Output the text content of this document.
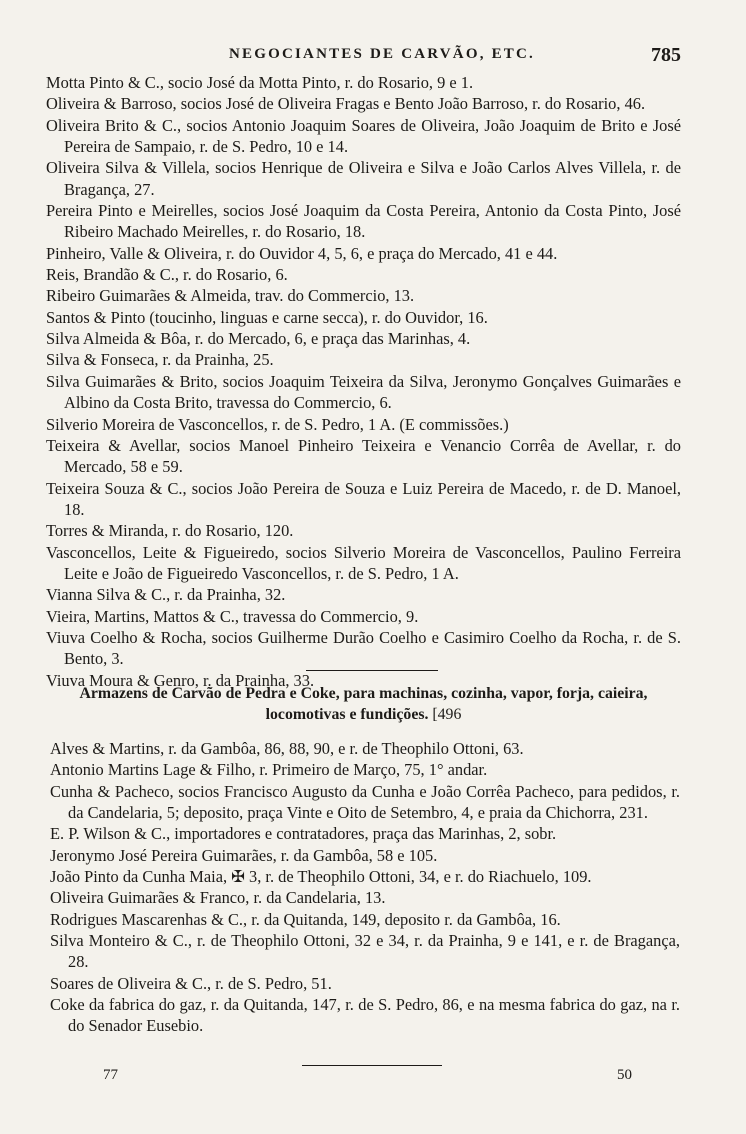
NEGOCIANTES DE CARVÃO, ETC.	785
Motta Pinto & C., socio José da Motta Pinto, r. do Rosario, 9 e 1.
Oliveira & Barroso, socios José de Oliveira Fragas e Bento João Barroso, r. do Rosario, 46.
Oliveira Brito & C., socios Antonio Joaquim Soares de Oliveira, João Joaquim de Brito e José Pereira de Sampaio, r. de S. Pedro, 10 e 14.
Oliveira Silva & Villela, socios Henrique de Oliveira e Silva e João Carlos Alves Villela, r. de Bragança, 27.
Pereira Pinto e Meirelles, socios José Joaquim da Costa Pereira, Antonio da Costa Pinto, José Ribeiro Machado Meirelles, r. do Rosario, 18.
Pinheiro, Valle & Oliveira, r. do Ouvidor 4, 5, 6, e praça do Mercado, 41 e 44.
Reis, Brandão & C., r. do Rosario, 6.
Ribeiro Guimarães & Almeida, trav. do Commercio, 13.
Santos & Pinto (toucinho, linguas e carne secca), r. do Ouvidor, 16.
Silva Almeida & Bôa, r. do Mercado, 6, e praça das Marinhas, 4.
Silva & Fonseca, r. da Prainha, 25.
Silva Guimarães & Brito, socios Joaquim Teixeira da Silva, Jeronymo Gonçalves Guimarães e Albino da Costa Brito, travessa do Commercio, 6.
Silverio Moreira de Vasconcellos, r. de S. Pedro, 1 A. (E commissões.)
Teixeira & Avellar, socios Manoel Pinheiro Teixeira e Venancio Corrêa de Avellar, r. do Mercado, 58 e 59.
Teixeira Souza & C., socios João Pereira de Souza e Luiz Pereira de Macedo, r. de D. Manoel, 18.
Torres & Miranda, r. do Rosario, 120.
Vasconcellos, Leite & Figueiredo, socios Silverio Moreira de Vasconcellos, Paulino Ferreira Leite e João de Figueiredo Vasconcellos, r. de S. Pedro, 1 A.
Vianna Silva & C., r. da Prainha, 32.
Vieira, Martins, Mattos & C., travessa do Commercio, 9.
Viuva Coelho & Rocha, socios Guilherme Durão Coelho e Casimiro Coelho da Rocha, r. de S. Bento, 3.
Viuva Moura & Genro, r. da Prainha, 33.
Armazens de Carvão de Pedra e Coke, para machinas, cozinha, vapor, forja, caieira, locomotivas e fundições. [496
Alves & Martins, r. da Gambôa, 86, 88, 90, e r. de Theophilo Ottoni, 63.
Antonio Martins Lage & Filho, r. Primeiro de Março, 75, 1° andar.
Cunha & Pacheco, socios Francisco Augusto da Cunha e João Corrêa Pacheco, para pedidos, r. da Candelaria, 5; deposito, praça Vinte e Oito de Setembro, 4, e praia da Chichorra, 231.
E. P. Wilson & C., importadores e contratadores, praça das Marinhas, 2, sobr.
Jeronymo José Pereira Guimarães, r. da Gambôa, 58 e 105.
João Pinto da Cunha Maia, ✠ 3, r. de Theophilo Ottoni, 34, e r. do Riachuelo, 109.
Oliveira Guimarães & Franco, r. da Candelaria, 13.
Rodrigues Mascarenhas & C., r. da Quitanda, 149, deposito r. da Gambôa, 16.
Silva Monteiro & C., r. de Theophilo Ottoni, 32 e 34, r. da Prainha, 9 e 141, e r. de Bragança, 28.
Soares de Oliveira & C., r. de S. Pedro, 51.
Coke da fabrica do gaz, r. da Quitanda, 147, r. de S. Pedro, 86, e na mesma fabrica do gaz, na r. do Senador Eusebio.
77	50
